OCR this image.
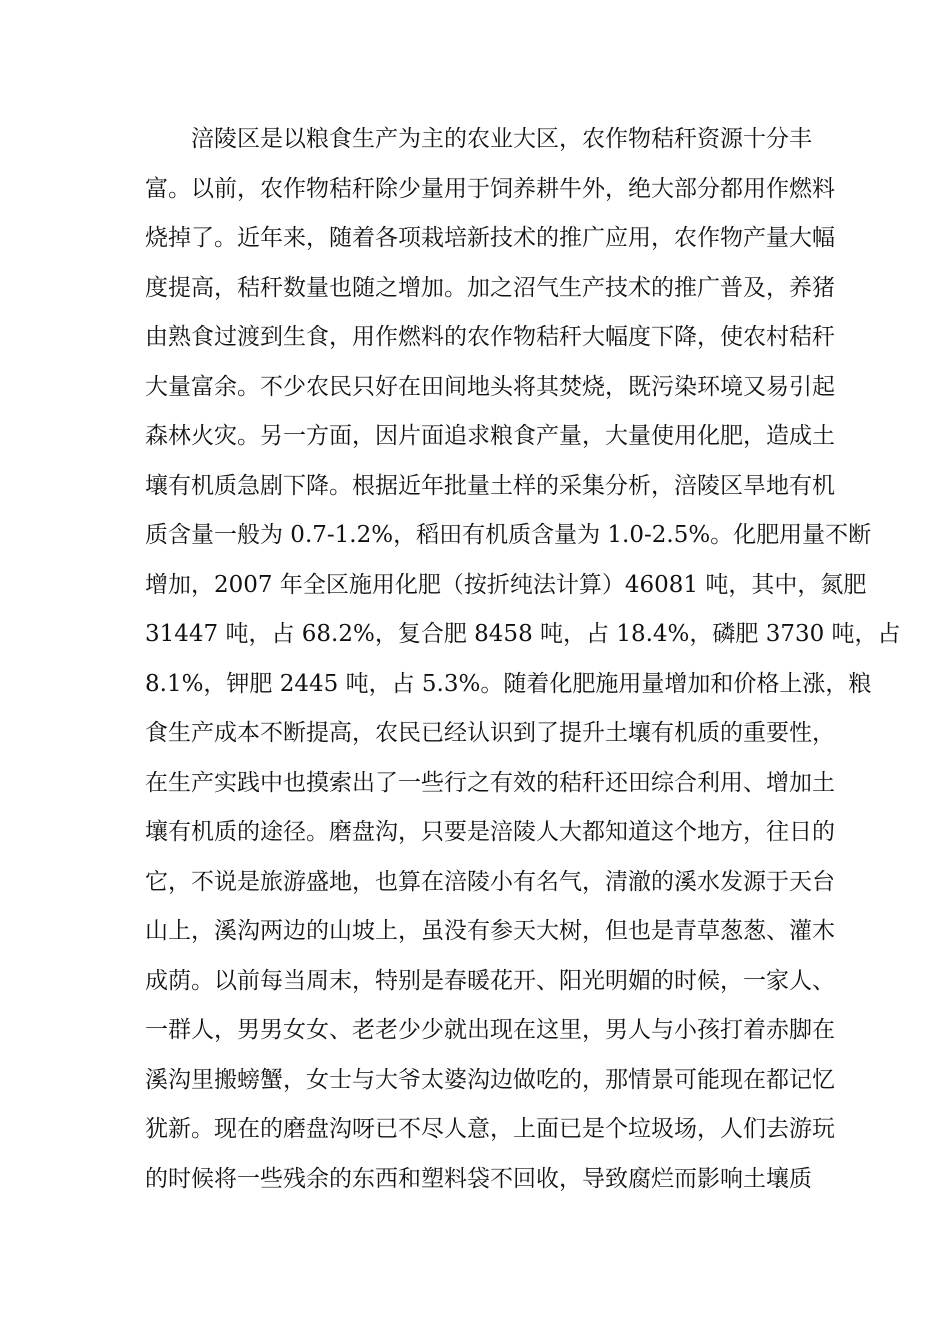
涪陵区是以粮食生产为主的农业大区，农作物秸秆资源十分丰
富。以前，农作物秸秆除少量用于饲养耕牛外，绝大部分都用作燃料
烧掉了。近年来，随着各项栽培新技术的推广应用，农作物产量大幅
度提高，秸秆数量也随之增加。加之沼气生产技术的推广普及，养猪
由熟食过渡到生食，用作燃料的农作物秸秆大幅度下降，使农村秸秆
大量富余。不少农民只好在田间地头将其焚烧，既污染环境又易引起
森林火灾。另一方面，因片面追求粮食产量，大量使用化肥，造成土
壤有机质急剧下降。根据近年批量土样的采集分析，涪陵区旱地有机
质含量一般为 0.7-1.2%，稻田有机质含量为 1.0-2.5%。化肥用量不断
增加，2007 年全区施用化肥（按折纯法计算）46081 吨，其中，氮肥
31447 吨，占 68.2%，复合肥 8458 吨，占 18.4%，磷肥 3730 吨，占
8.1%，钾肥 2445 吨，占 5.3%。随着化肥施用量增加和价格上涨，粮
食生产成本不断提高，农民已经认识到了提升土壤有机质的重要性，
在生产实践中也摸索出了一些行之有效的秸秆还田综合利用、增加土
壤有机质的途径。磨盘沟，只要是涪陵人大都知道这个地方，往日的
它，不说是旅游盛地，也算在涪陵小有名气，清澈的溪水发源于天台
山上，溪沟两边的山坡上，虽没有参天大树，但也是青草葱葱、灌木
成荫。以前每当周末，特别是春暖花开、阳光明媚的时候，一家人、
一群人，男男女女、老老少少就出现在这里，男人与小孩打着赤脚在
溪沟里搬螃蟹，女士与大爷太婆沟边做吃的，那情景可能现在都记忆
犹新。现在的磨盘沟呀已不尽人意，上面已是个垃圾场，人们去游玩
的时候将一些残余的东西和塑料袋不回收，导致腐烂而影响土壤质
